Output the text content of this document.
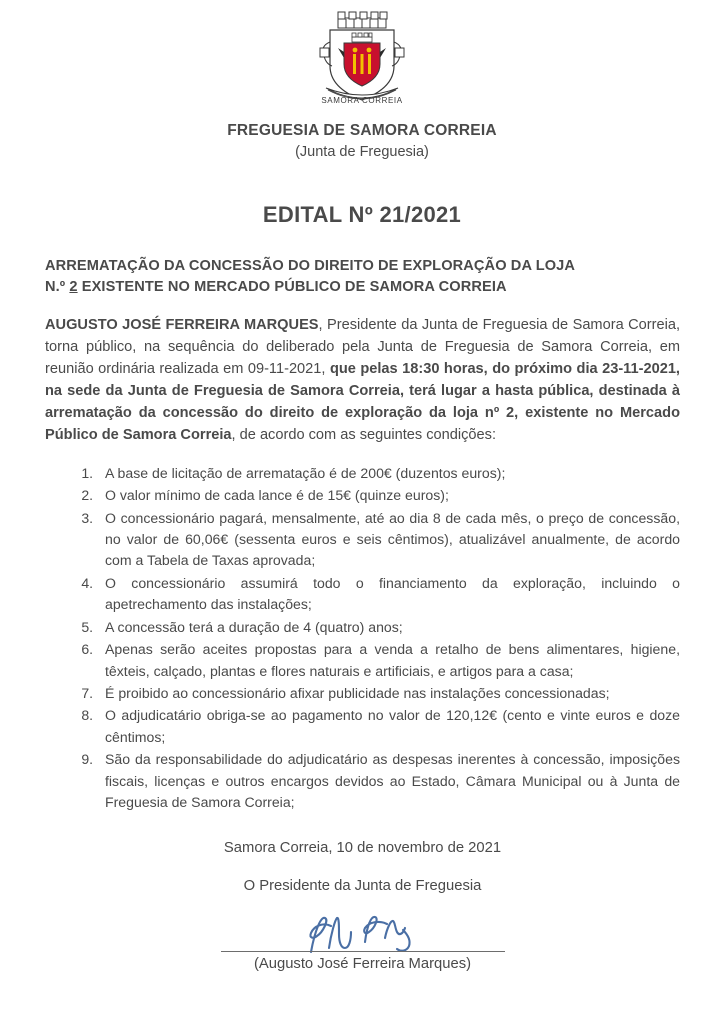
SAMORA CORREIA
FREGUESIA DE SAMORA CORREIA
(Junta de Freguesia)
EDITAL Nº 21/2021
ARREMATAÇÃO DA CONCESSÃO DO DIREITO DE EXPLORAÇÃO DA LOJA
N.º 2 EXISTENTE NO MERCADO PÚBLICO DE SAMORA CORREIA

AUGUSTO JOSÉ FERREIRA MARQUES, Presidente da Junta de Freguesia de Samora Correia, torna público, na sequência do deliberado pela Junta de Freguesia de Samora Correia, em reunião ordinária realizada em 09-11-2021, que pelas 18:30 horas, do próximo dia 23-11-2021, na sede da Junta de Freguesia de Samora Correia, terá lugar a hasta pública, destinada à arrematação da concessão do direito de exploração da loja nº 2, existente no Mercado Público de Samora Correia, de acordo com as seguintes condições:

1. A base de licitação de arrematação é de 200€ (duzentos euros);
2. O valor mínimo de cada lance é de 15€ (quinze euros);
3. O concessionário pagará, mensalmente, até ao dia 8 de cada mês, o preço de concessão, no valor de 60,06€ (sessenta euros e seis cêntimos), atualizável anualmente, de acordo com a Tabela de Taxas aprovada;
4. O concessionário assumirá todo o financiamento da exploração, incluindo o apetrechamento das instalações;
5. A concessão terá a duração de 4 (quatro) anos;
6. Apenas serão aceites propostas para a venda a retalho de bens alimentares, higiene, têxteis, calçado, plantas e flores naturais e artificiais, e artigos para a casa;
7. É proibido ao concessionário afixar publicidade nas instalações concessionadas;
8. O adjudicatário obriga-se ao pagamento no valor de 120,12€ (cento e vinte euros e doze cêntimos;
9. São da responsabilidade do adjudicatário as despesas inerentes à concessão, imposições fiscais, licenças e outros encargos devidos ao Estado, Câmara Municipal ou à Junta de Freguesia de Samora Correia;
Samora Correia, 10 de novembro de 2021
O Presidente da Junta de Freguesia
(Augusto José Ferreira Marques)
